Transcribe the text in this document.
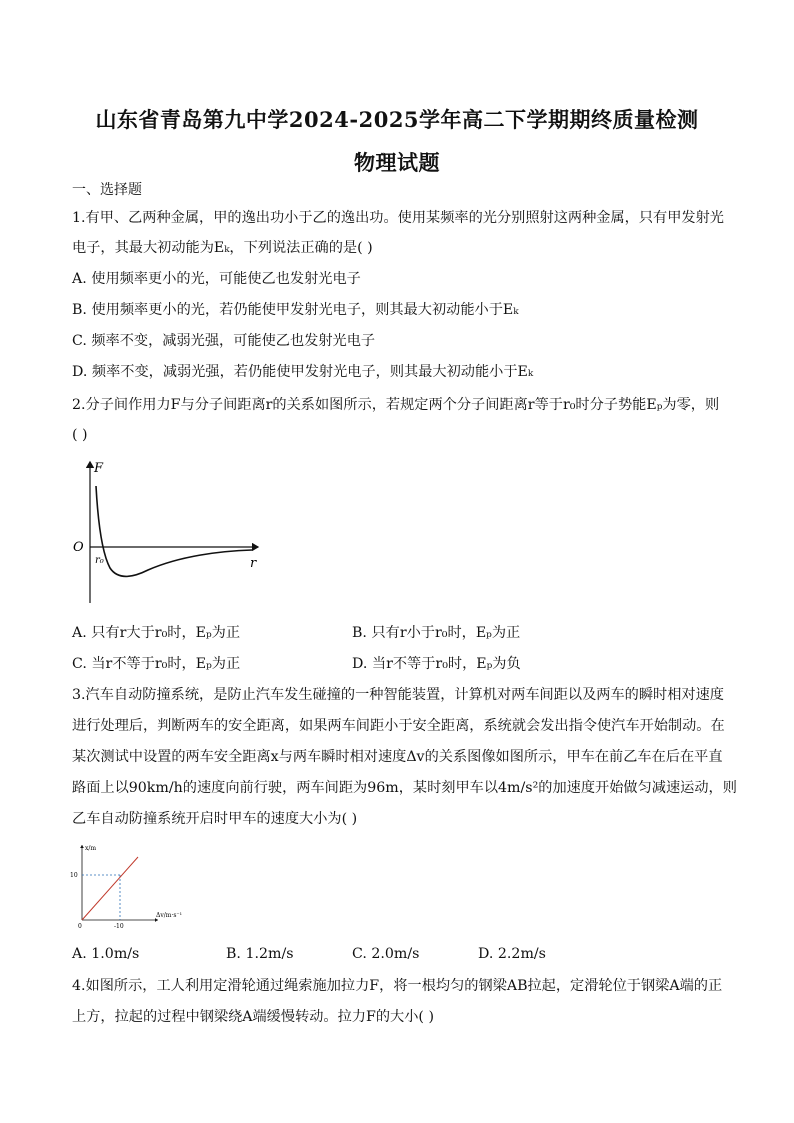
山东省青岛第九中学2024-2025学年高二下学期期终质量检测
物理试题
一、选择题
1.有甲、乙两种金属，甲的逸出功小于乙的逸出功。使用某频率的光分别照射这两种金属，只有甲发射光
电子，其最大初动能为Eₖ，下列说法正确的是( )
A. 使用频率更小的光，可能使乙也发射光电子
B. 使用频率更小的光，若仍能使甲发射光电子，则其最大初动能小于Eₖ
C. 频率不变，减弱光强，可能使乙也发射光电子
D. 频率不变，减弱光强，若仍能使甲发射光电子，则其最大初动能小于Eₖ
2.分子间作用力F与分子间距离r的关系如图所示，若规定两个分子间距离r等于r₀时分子势能Eₚ为零，则
( )
F
O
r₀	r
A. 只有r大于r₀时，Eₚ为正	B. 只有r小于r₀时，Eₚ为正
C. 当r不等于r₀时，Eₚ为正	D. 当r不等于r₀时，Eₚ为负
3.汽车自动防撞系统，是防止汽车发生碰撞的一种智能装置，计算机对两车间距以及两车的瞬时相对速度
进行处理后，判断两车的安全距离，如果两车间距小于安全距离，系统就会发出指令使汽车开始制动。在
某次测试中设置的两车安全距离x与两车瞬时相对速度Δv的关系图像如图所示，甲车在前乙车在后在平直
路面上以90km/h的速度向前行驶，两车间距为96m，某时刻甲车以4m/s²的加速度开始做匀减速运动，则
乙车自动防撞系统开启时甲车的速度大小为( )
x/m
Δv/m·s⁻¹
0
10
-10
A. 1.0m/s	B. 1.2m/s	C. 2.0m/s	D. 2.2m/s
4.如图所示，工人利用定滑轮通过绳索施加拉力F，将一根均匀的钢梁AB拉起，定滑轮位于钢梁A端的正
上方，拉起的过程中钢梁绕A端缓慢转动。拉力F的大小( )
